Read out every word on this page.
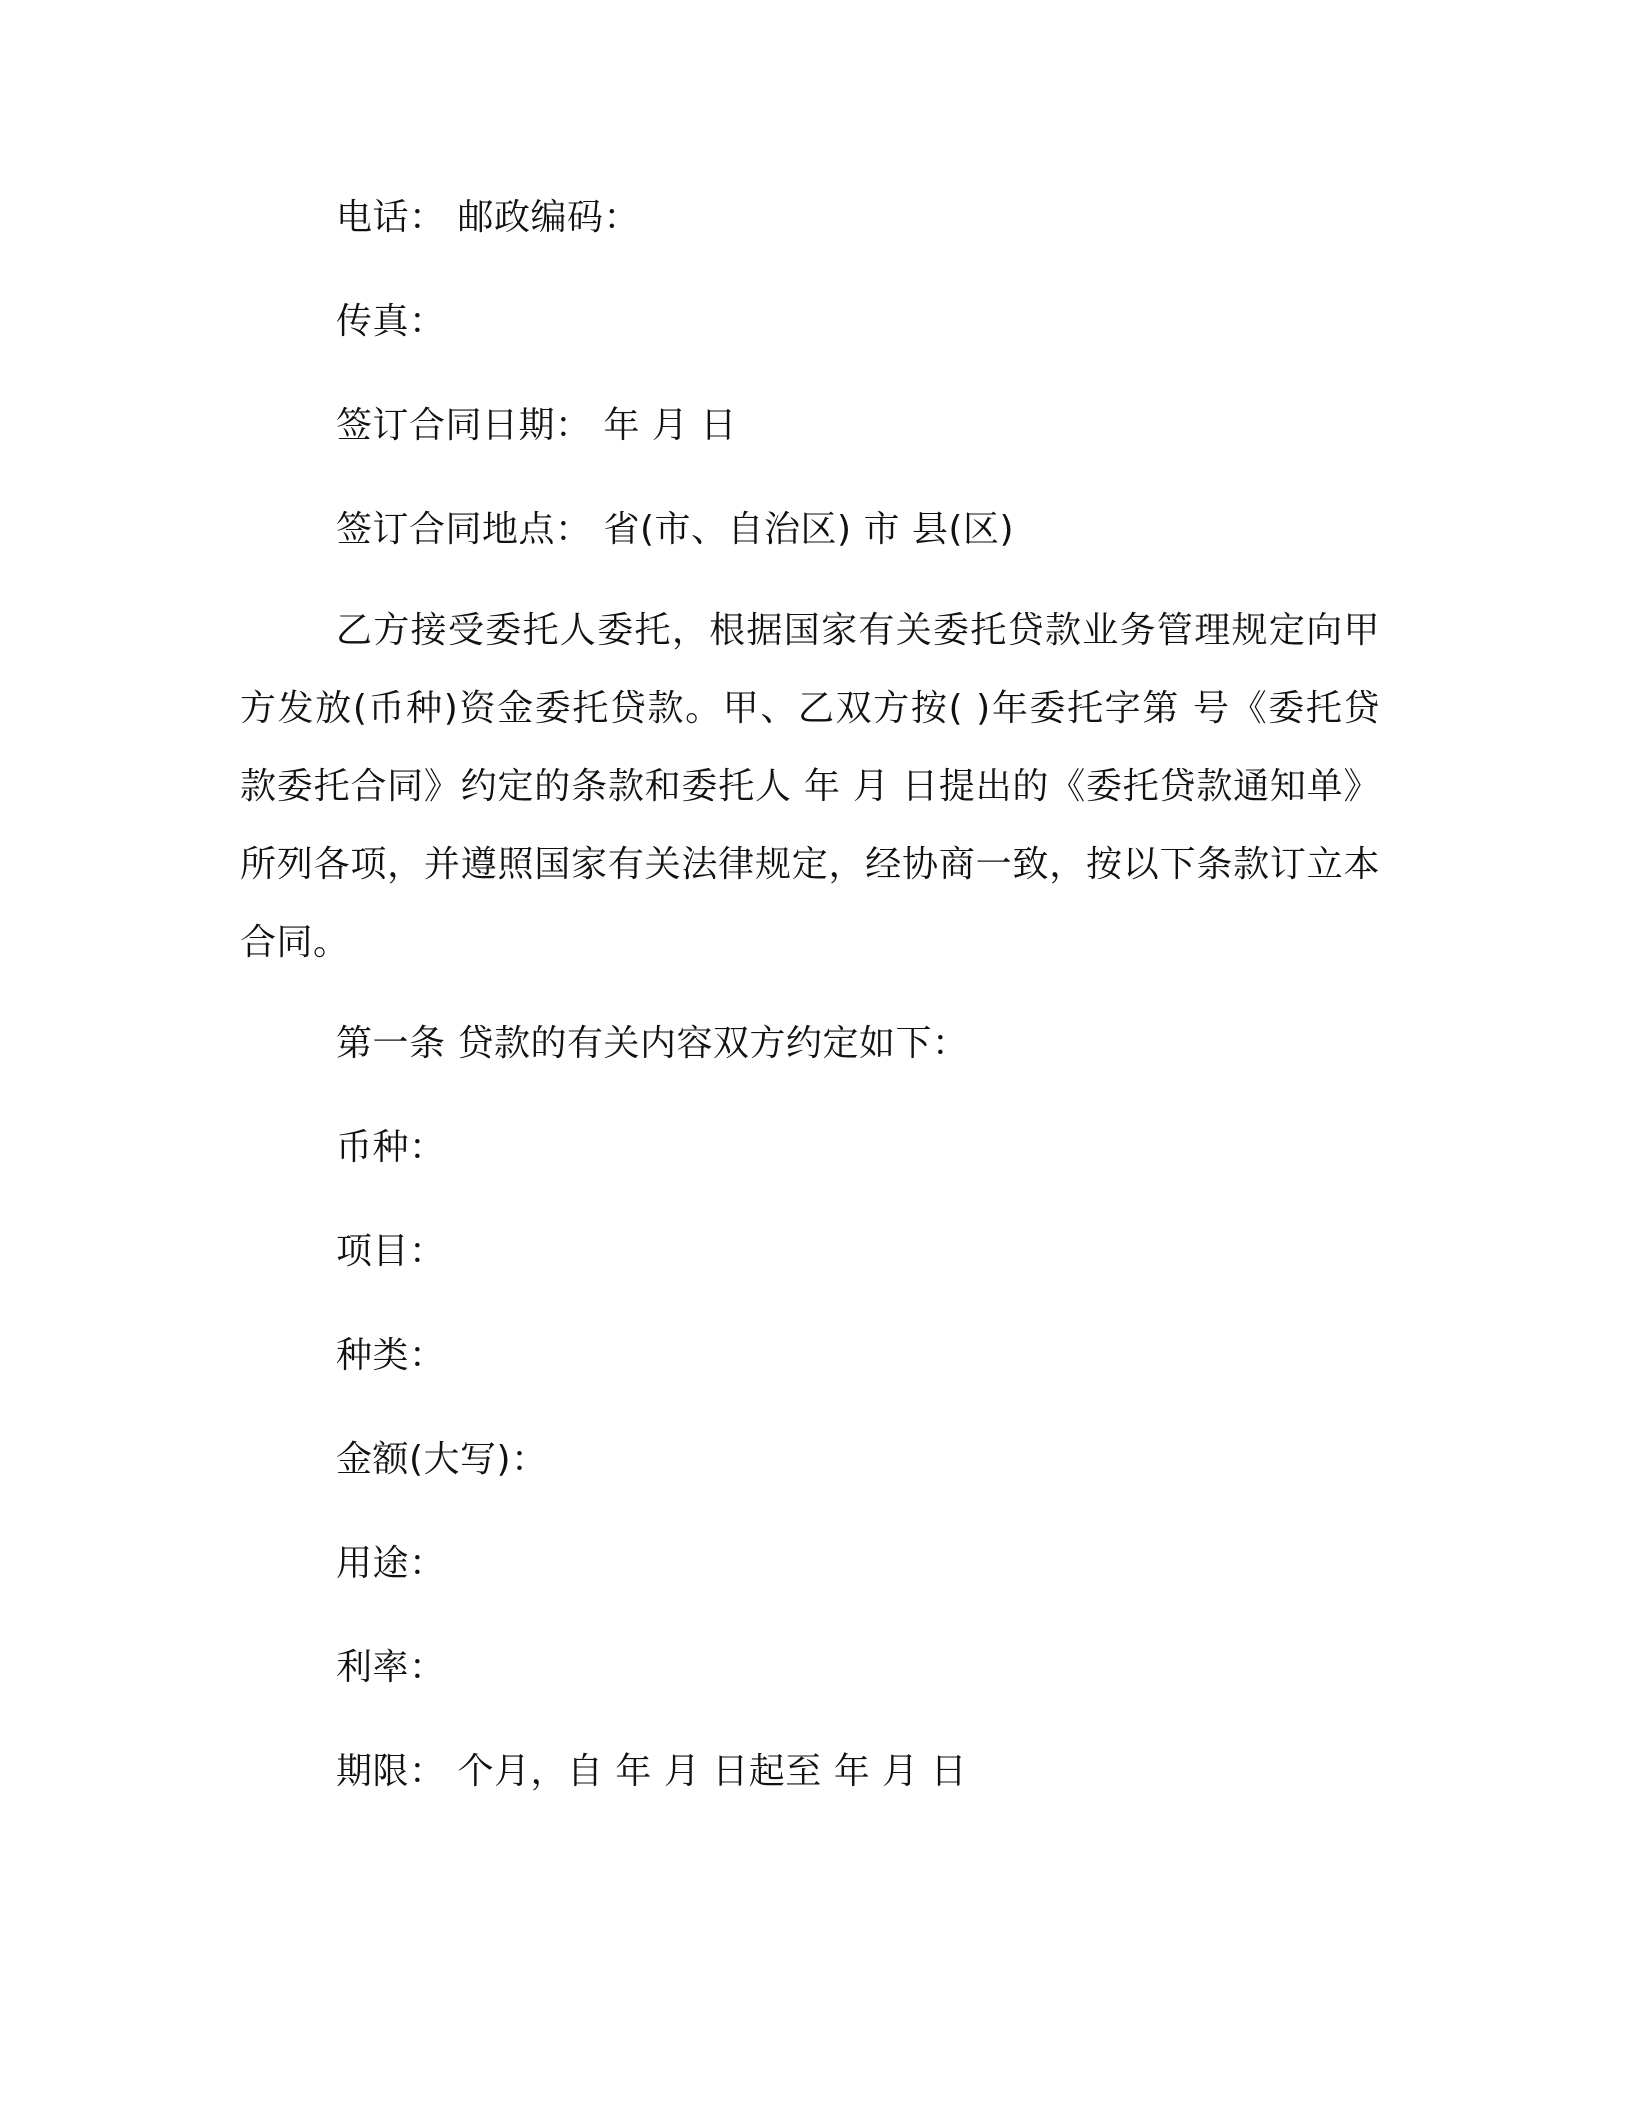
电话： 邮政编码：
传真：
签订合同日期： 年 月 日
签订合同地点： 省(市、自治区) 市 县(区)

乙方接受委托人委托，根据国家有关委托贷款业务管理规定向甲方发放(币种)资金委托贷款。甲、乙双方按( )年委托字第 号《委托贷款委托合同》约定的条款和委托人 年 月 日提出的《委托贷款通知单》所列各项，并遵照国家有关法律规定，经协商一致，按以下条款订立本合同。

第一条 贷款的有关内容双方约定如下：
币种：
项目：
种类：
金额(大写)：
用途：
利率：
期限： 个月，自 年 月 日起至 年 月 日
